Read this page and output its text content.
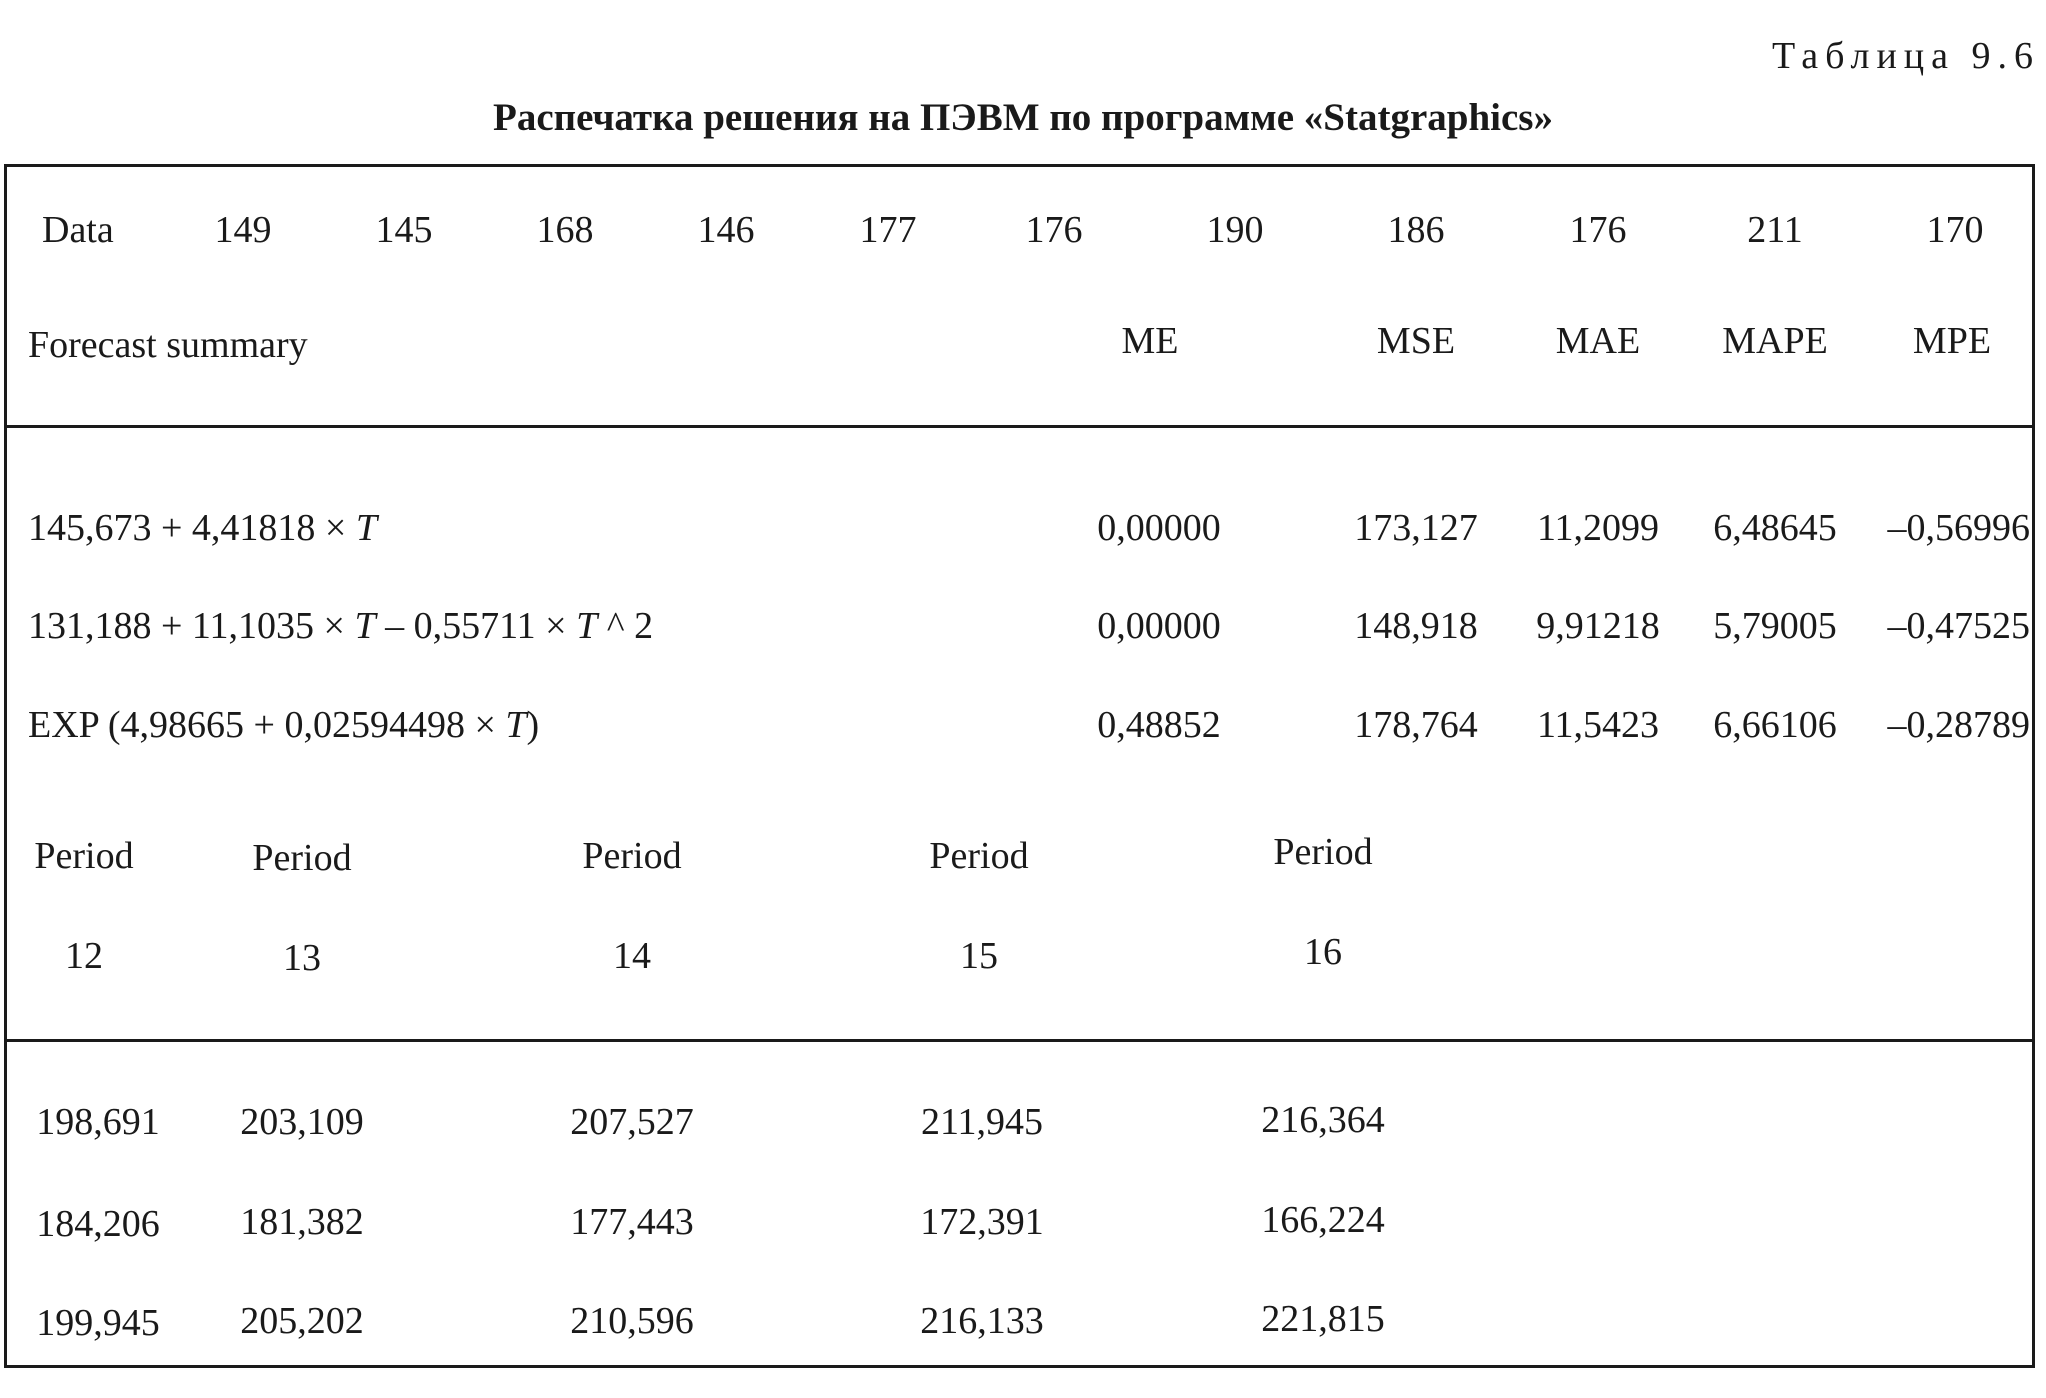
Таблица 9.6
Распечатка решения на ПЭВМ по программе «Statgraphics»
Data	149	145	168	146	177	176	190	186	176	211	170
Forecast summary	ME	MSE	MAE MAPE MPE
145,673 + 4,41818 × T	0,00000	173,127 11,2099 6,48645 –0,56996
131,188 + 11,1035 × T – 0,55711 × T ^ 2	0,00000	148,918 9,91218 5,79005 –0,47525
EXP (4,98665 + 0,02594498 × T)	0,48852	178,764 11,5423 6,66106 –0,28789
Period	Period	Period	Period	Period
12	13	14	15	16
198,691 203,109	207,527	211,945	216,364
184,206 181,382	177,443	172,391	166,224
199,945 205,202	210,596	216,133	221,815
